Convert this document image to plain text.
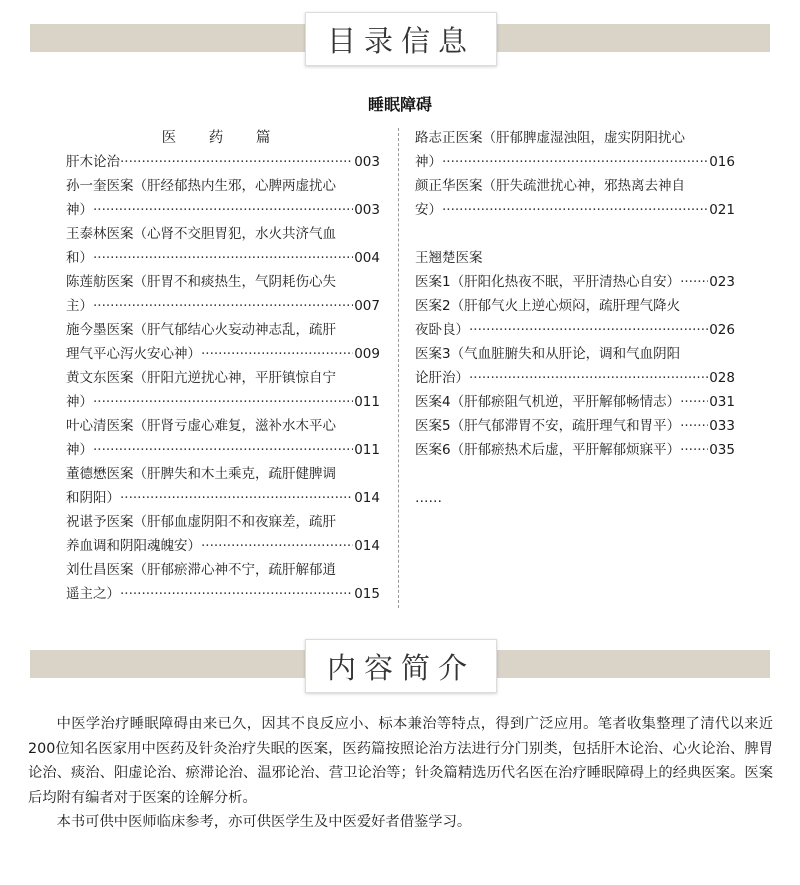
目录信息
睡眠障碍
医 药 篇
肝木论治 ·····	003
孙一奎医案（肝经郁热内生邪，心脾两虚扰心
神） ·····	003
王泰林医案（心肾不交胆胃犯，水火共济气血
和） ·····	004
陈莲舫医案（肝胃不和痰热生，气阴耗伤心失
主） ·····	007
施今墨医案（肝气郁结心火妄动神志乱，疏肝
理气平心泻火安心神） ·····	009
黄文东医案（肝阳亢逆扰心神，平肝镇惊自宁
神） ·····	011
叶心清医案（肝肾亏虚心难复，滋补水木平心
神） ·····	011
董德懋医案（肝脾失和木土乘克，疏肝健脾调
和阴阳） ·····	014
祝谌予医案（肝郁血虚阴阳不和夜寐差，疏肝
养血调和阴阳魂魄安） ·····	014
刘仕昌医案（肝郁瘀滞心神不宁，疏肝解郁逍
遥主之） ·····	015
路志正医案（肝郁脾虚湿浊阻，虚实阴阳扰心
神） ·····	016
颜正华医案（肝失疏泄扰心神，邪热离去神自
安） ·····	021
王翘楚医案
医案1（肝阳化热夜不眠，平肝清热心自安） ····· 023
医案2（肝郁气火上逆心烦闷，疏肝理气降火
夜卧良） ·····	026
医案3（气血脏腑失和从肝论，调和气血阴阳
论肝治） ·····	028
医案4（肝郁瘀阻气机逆，平肝解郁畅情志） ····· 031
医案5（肝气郁滞胃不安，疏肝理气和胃平） ····· 033
医案6（肝郁瘀热术后虚，平肝解郁烦寐平） ····· 035
……
内容简介

中医学治疗睡眠障碍由来已久，因其不良反应小、标本兼治等特点，得到广泛应用。笔者收集整理了清代以来近200位知名医家用中医药及针灸治疗失眠的医案，医药篇按照论治方法进行分门别类，包括肝木论治、心火论治、脾胃论治、痰治、阳虚论治、瘀滞论治、温邪论治、营卫论治等；针灸篇精选历代名医在治疗睡眠障碍上的经典医案。医案后均附有编者对于医案的诠解分析。

本书可供中医师临床参考，亦可供医学生及中医爱好者借鉴学习。
